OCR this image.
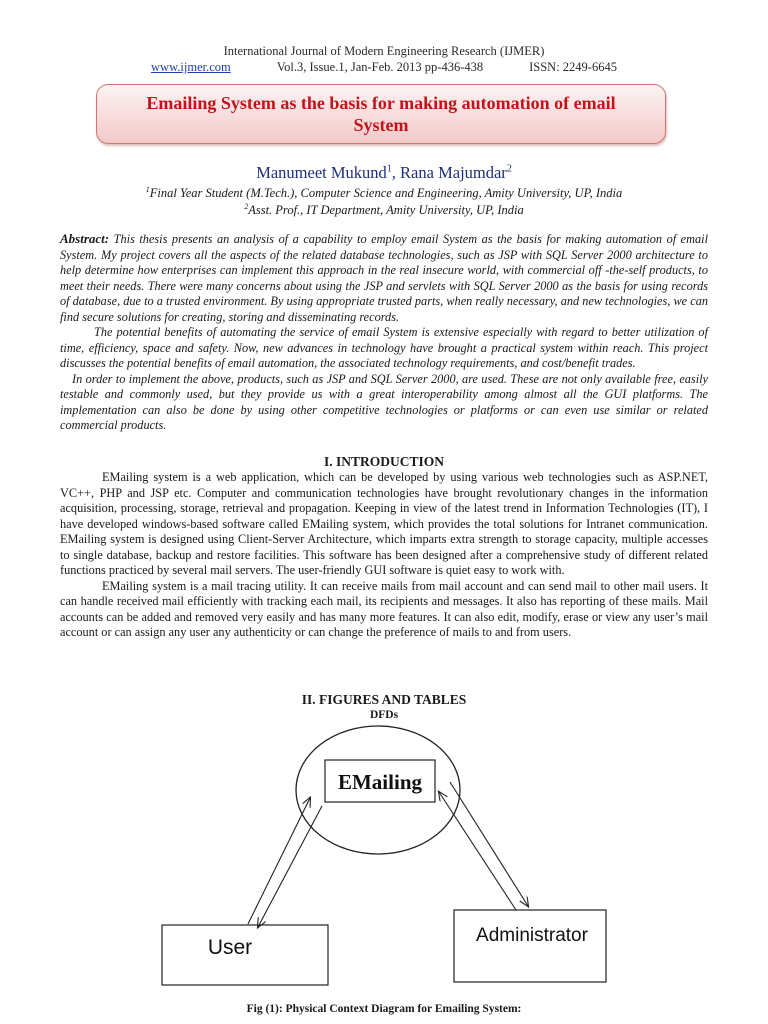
International Journal of Modern Engineering Research (IJMER)
www.ijmer.com	Vol.3, Issue.1, Jan-Feb. 2013 pp-436-438	ISSN: 2249-6645
Emailing System as the basis for making automation of email
System
Manumeet Mukund$^1$, Rana Majumdar$^2$
$^1$Final Year Student (M.Tech.), Computer Science and Engineering, Amity University, UP, India
$^2$Asst. Prof., IT Department, Amity University, UP, India

Abstract: This thesis presents an analysis of a capability to employ email System as the basis for making automation of email System. My project covers all the aspects of the related database technologies, such as JSP with SQL Server 2000 architecture to help determine how enterprises can implement this approach in the real insecure world, with commercial off -the-self products, to meet their needs. There were many concerns about using the JSP and servlets with SQL Server 2000 as the basis for using records of database, due to a trusted environment. By using appropriate trusted parts, when really necessary, and new technologies, we can find secure solutions for creating, storing and disseminating records.

The potential benefits of automating the service of email System is extensive especially with regard to better utilization of time, efficiency, space and safety. Now, new advances in technology have brought a practical system within reach. This project discusses the potential benefits of email automation, the associated technology requirements, and cost/benefit trades.

In order to implement the above, products, such as JSP and SQL Server 2000, are used. These are not only available free, easily testable and commonly used, but they provide us with a great interoperability among almost all the GUI platforms. The implementation can also be done by using other competitive technologies or platforms or can even use similar or related commercial products.

I. INTRODUCTION

EMailing system is a web application, which can be developed by using various web technologies such as ASP.NET, VC++, PHP and JSP etc. Computer and communication technologies have brought revolutionary changes in the information acquisition, processing, storage, retrieval and propagation. Keeping in view of the latest trend in Information Technologies (IT), I have developed windows-based software called EMailing system, which provides the total solutions for Intranet communication. EMailing system is designed using Client-Server Architecture, which imparts extra strength to storage capacity, multiple accesses to single database, backup and restore facilities. This software has been designed after a comprehensive study of different related functions practiced by several mail servers. The user-friendly GUI software is quiet easy to work with.

EMailing system is a mail tracing utility. It can receive mails from mail account and can send mail to other mail users. It can handle received mail efficiently with tracking each mail, its recipients and messages. It also has reporting of these mails. Mail accounts can be added and removed very easily and has many more features. It can also edit, modify, erase or view any user’s mail account or can assign any user any authenticity or can change the preference of mails to and from users.

II. FIGURES AND TABLES
DFDs
EMailing
User
Administrator
Fig (1): Physical Context Diagram for Emailing System:
